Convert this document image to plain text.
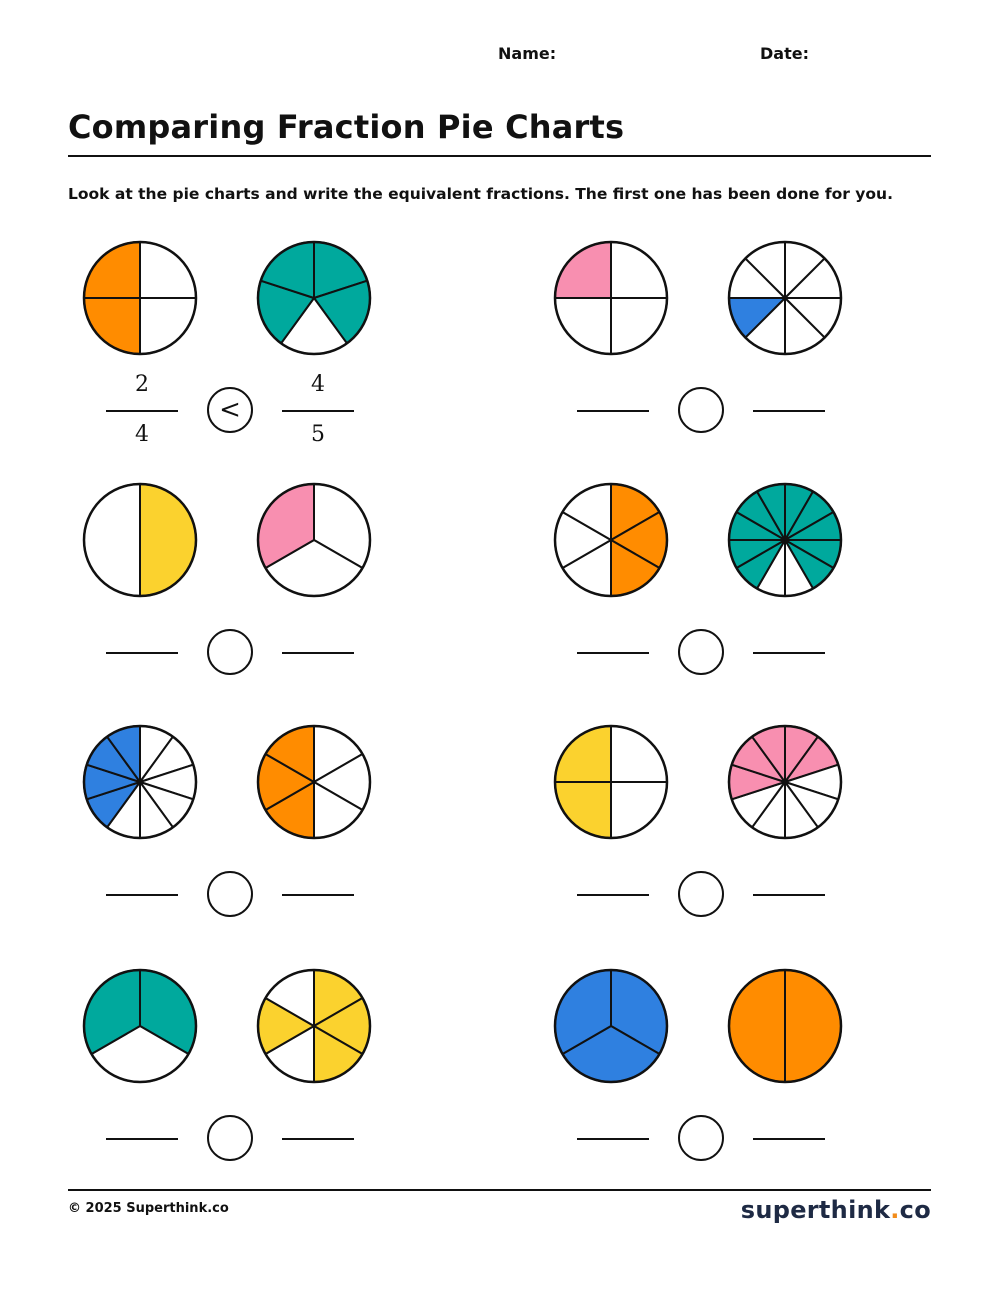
Name:	Date:
Comparing Fraction Pie Charts
Look at the pie charts and write the equivalent fractions. The first one has been done for you.
<
2
4
4
5
© 2025 Superthink.co	superthink.co
